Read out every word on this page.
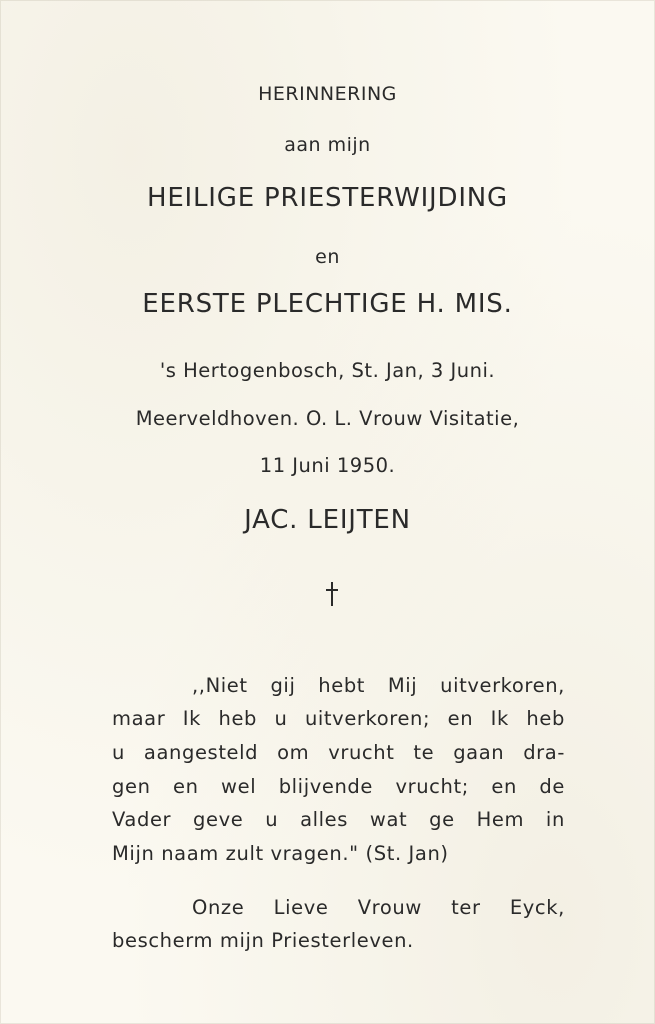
HERINNERING
aan mijn
HEILIGE PRIESTERWIJDING
en
EERSTE PLECHTIGE H. MIS.
's Hertogenbosch, St. Jan, 3 Juni.
Meerveldhoven. O. L. Vrouw Visitatie,
11 Juni 1950.
JAC. LEIJTEN
,,Niet gij hebt Mij uitverkoren,
maar Ik heb u uitverkoren; en Ik heb
u aangesteld om vrucht te gaan dra-
gen en wel blijvende vrucht; en de
Vader geve u alles wat ge Hem in
Mijn naam zult vragen." (St. Jan)
Onze Lieve Vrouw ter Eyck,
bescherm mijn Priesterleven.
